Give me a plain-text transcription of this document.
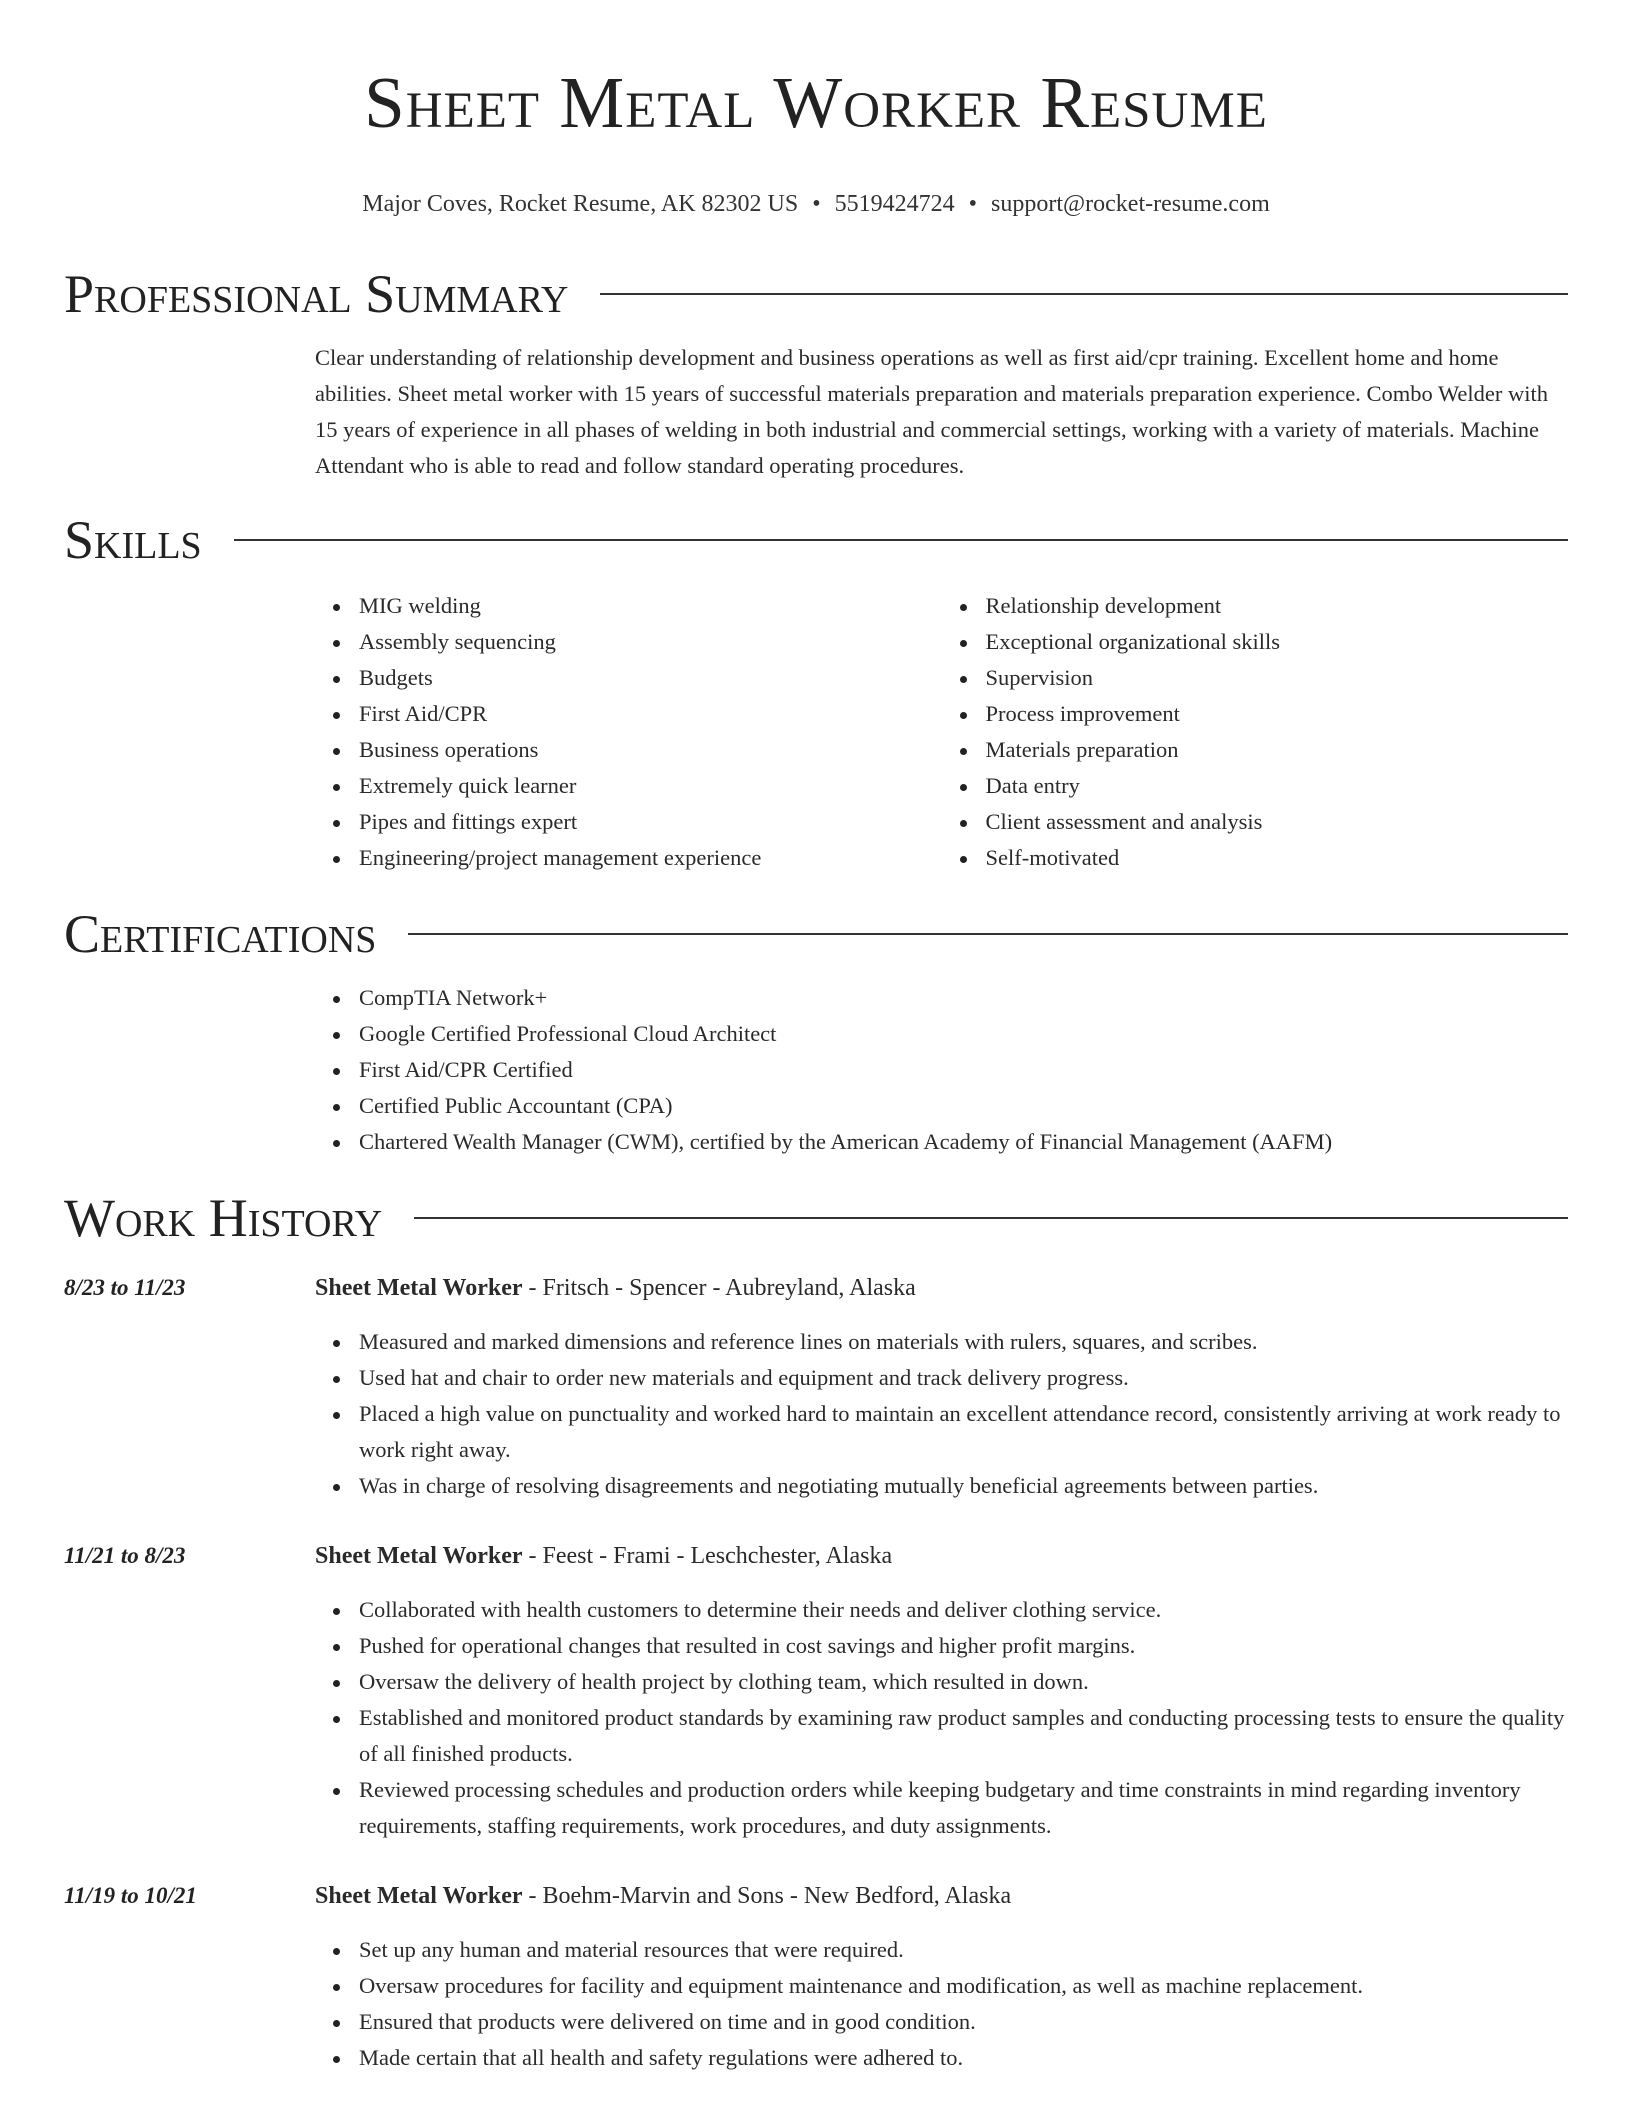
Sheet Metal Worker Resume
Major Coves, Rocket Resume, AK 82302 US • 5519424724 • support@rocket-resume.com
Professional Summary
Clear understanding of relationship development and business operations as well as first aid/cpr training. Excellent home and home abilities. Sheet metal worker with 15 years of successful materials preparation and materials preparation experience. Combo Welder with 15 years of experience in all phases of welding in both industrial and commercial settings, working with a variety of materials. Machine Attendant who is able to read and follow standard operating procedures.
Skills
MIG welding
Assembly sequencing
Budgets
First Aid/CPR
Business operations
Extremely quick learner
Pipes and fittings expert
Engineering/project management experience
Relationship development
Exceptional organizational skills
Supervision
Process improvement
Materials preparation
Data entry
Client assessment and analysis
Self-motivated
Certifications
CompTIA Network+
Google Certified Professional Cloud Architect
First Aid/CPR Certified
Certified Public Accountant (CPA)
Chartered Wealth Manager (CWM), certified by the American Academy of Financial Management (AAFM)
Work History
8/23 to 11/23	Sheet Metal Worker - Fritsch - Spencer - Aubreyland, Alaska
Measured and marked dimensions and reference lines on materials with rulers, squares, and scribes.
Used hat and chair to order new materials and equipment and track delivery progress.
Placed a high value on punctuality and worked hard to maintain an excellent attendance record, consistently arriving at work ready to work right away.
Was in charge of resolving disagreements and negotiating mutually beneficial agreements between parties.
11/21 to 8/23	Sheet Metal Worker - Feest - Frami - Leschchester, Alaska
Collaborated with health customers to determine their needs and deliver clothing service.
Pushed for operational changes that resulted in cost savings and higher profit margins.
Oversaw the delivery of health project by clothing team, which resulted in down.
Established and monitored product standards by examining raw product samples and conducting processing tests to ensure the quality of all finished products.
Reviewed processing schedules and production orders while keeping budgetary and time constraints in mind regarding inventory requirements, staffing requirements, work procedures, and duty assignments.
11/19 to 10/21	Sheet Metal Worker - Boehm-Marvin and Sons - New Bedford, Alaska
Set up any human and material resources that were required.
Oversaw procedures for facility and equipment maintenance and modification, as well as machine replacement.
Ensured that products were delivered on time and in good condition.
Made certain that all health and safety regulations were adhered to.
